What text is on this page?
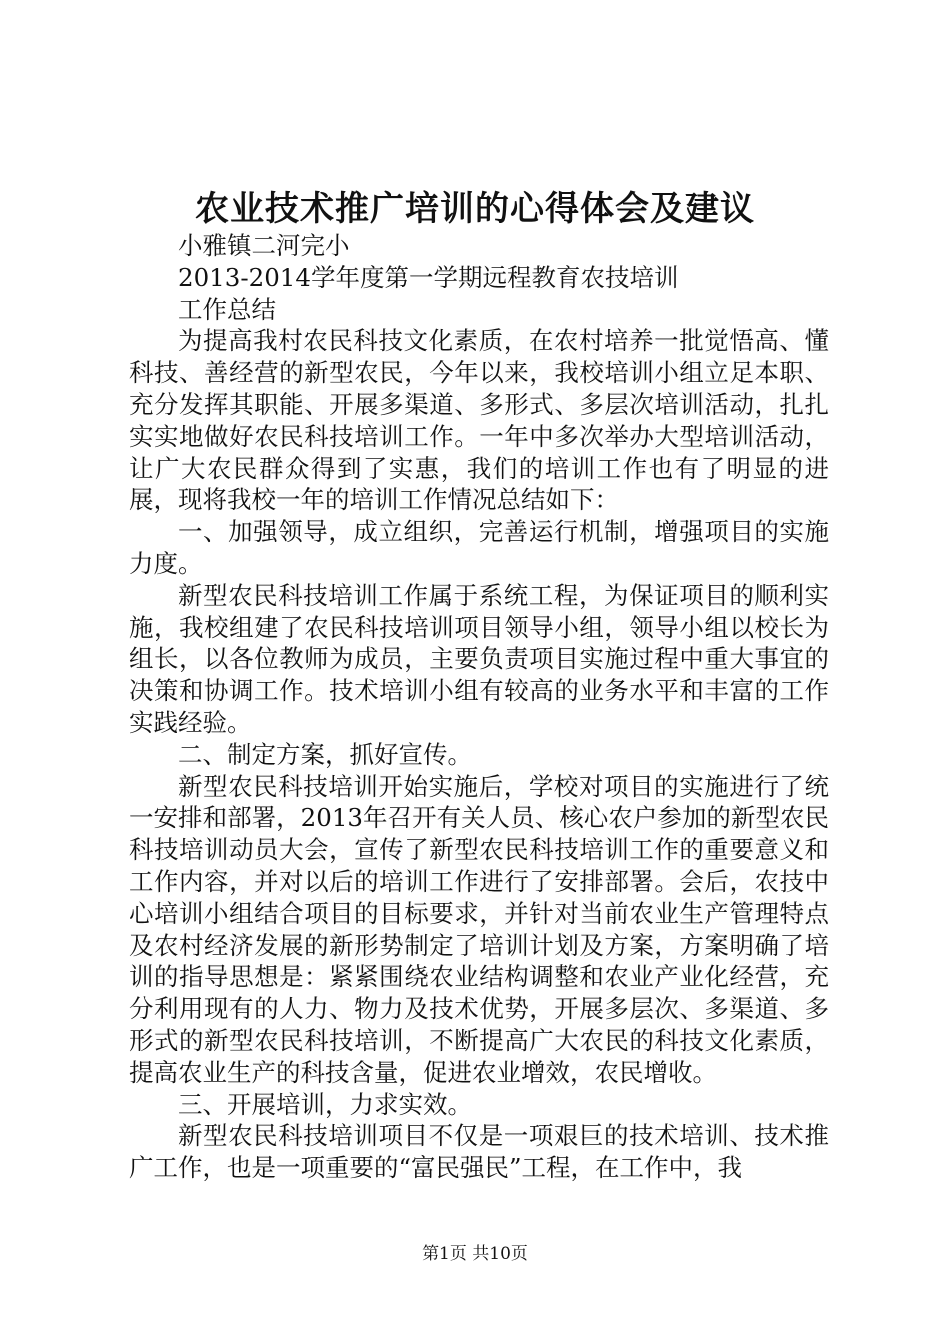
农业技术推广培训的心得体会及建议

小雅镇二河完小

2013-2014学年度第一学期远程教育农技培训

工作总结

为提高我村农民科技文化素质，在农村培养一批觉悟高、懂科技、善经营的新型农民，今年以来，我校培训小组立足本职、充分发挥其职能、开展多渠道、多形式、多层次培训活动，扎扎实实地做好农民科技培训工作。一年中多次举办大型培训活动，让广大农民群众得到了实惠，我们的培训工作也有了明显的进展，现将我校一年的培训工作情况总结如下：

一、加强领导，成立组织，完善运行机制，增强项目的实施力度。

新型农民科技培训工作属于系统工程，为保证项目的顺利实施，我校组建了农民科技培训项目领导小组，领导小组以校长为组长，以各位教师为成员，主要负责项目实施过程中重大事宜的决策和协调工作。技术培训小组有较高的业务水平和丰富的工作实践经验。

二、制定方案，抓好宣传。

新型农民科技培训开始实施后，学校对项目的实施进行了统一安排和部署，2013年召开有关人员、核心农户参加的新型农民科技培训动员大会，宣传了新型农民科技培训工作的重要意义和工作内容，并对以后的培训工作进行了安排部署。会后，农技中心培训小组结合项目的目标要求，并针对当前农业生产管理特点及农村经济发展的新形势制定了培训计划及方案，方案明确了培训的指导思想是：紧紧围绕农业结构调整和农业产业化经营，充分利用现有的人力、物力及技术优势，开展多层次、多渠道、多形式的新型农民科技培训，不断提高广大农民的科技文化素质，提高农业生产的科技含量，促进农业增效，农民增收。

三、开展培训，力求实效。

新型农民科技培训项目不仅是一项艰巨的技术培训、技术推广工作，也是一项重要的“富民强民”工程，在工作中，我

第1页 共10页
